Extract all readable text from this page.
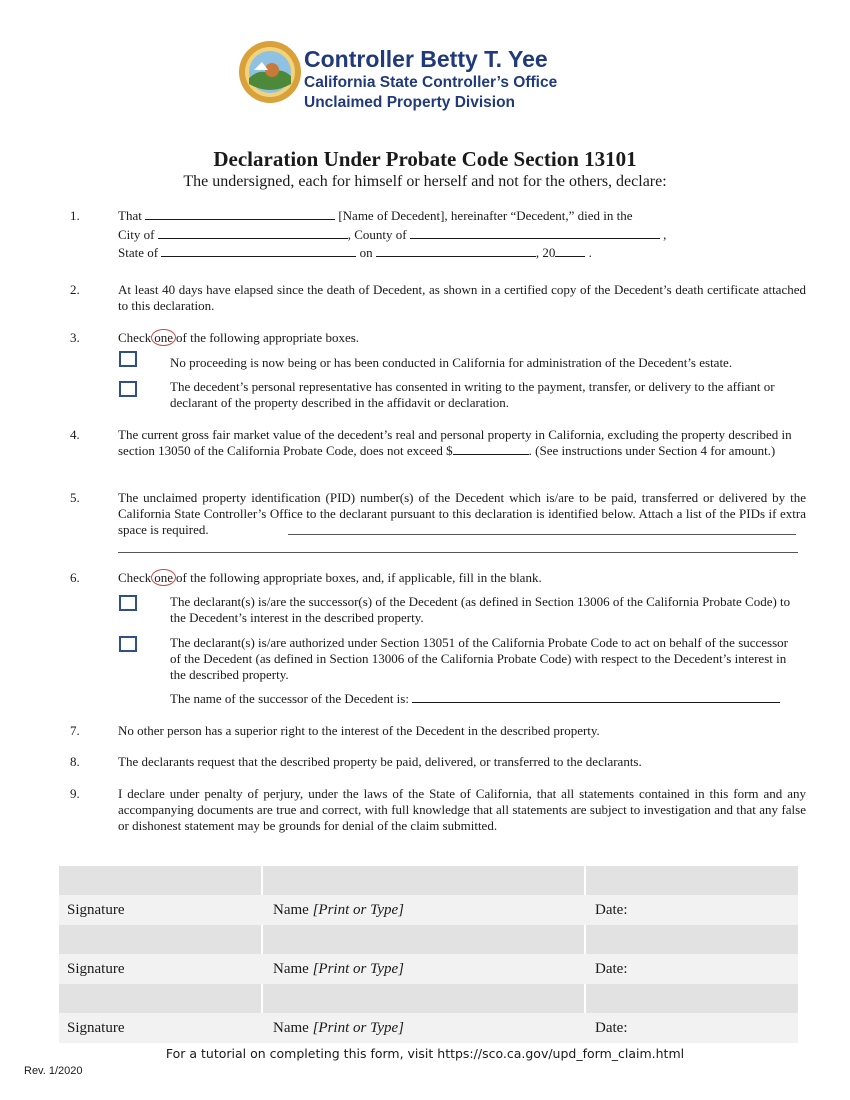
Controller Betty T. Yee
California State Controller’s Office
Unclaimed Property Division
Declaration Under Probate Code Section 13101
The undersigned, each for himself or herself and not for the others, declare:
1.	That	[Name of Decedent], hereinafter “Decedent,” died in the
City of	, County of	,
State of	on	, 20	.
2.	At least 40 days have elapsed since the death of Decedent, as shown in a certified copy of the Decedent’s death certificate attached to this declaration.
3.	Check one of the following appropriate boxes.
No proceeding is now being or has been conducted in California for administration of the Decedent’s estate.
The decedent’s personal representative has consented in writing to the payment, transfer, or delivery to the affiant or declarant of the property described in the affidavit or declaration.
4.	The current gross fair market value of the decedent’s real and personal property in California, excluding the property described in section 13050 of the California Probate Code, does not exceed $	. (See instructions under Section 4 for amount.)
5.	The unclaimed property identification (PID) number(s) of the Decedent which is/are to be paid, transferred or delivered by the California State Controller’s Office to the declarant pursuant to this declaration is identified below. Attach a list of the PIDs if extra space is required.
6.	Check one of the following appropriate boxes, and, if applicable, fill in the blank.
The declarant(s) is/are the successor(s) of the Decedent (as defined in Section 13006 of the California Probate Code) to the Decedent’s interest in the described property.
The declarant(s) is/are authorized under Section 13051 of the California Probate Code to act on behalf of the successor of the Decedent (as defined in Section 13006 of the California Probate Code) with respect to the Decedent’s interest in the described property.
The name of the successor of the Decedent is:
7.	No other person has a superior right to the interest of the Decedent in the described property.
8.	The declarants request that the described property be paid, delivered, or transferred to the declarants.
9.	I declare under penalty of perjury, under the laws of the State of California, that all statements contained in this form and any accompanying documents are true and correct, with full knowledge that all statements are subject to investigation and that any false or dishonest statement may be grounds for denial of the claim submitted.
Signature	Name [Print or Type]	Date:
Signature	Name [Print or Type]	Date:
Signature	Name [Print or Type]	Date:
For a tutorial on completing this form, visit https://sco.ca.gov/upd_form_claim.html
Rev. 1/2020
